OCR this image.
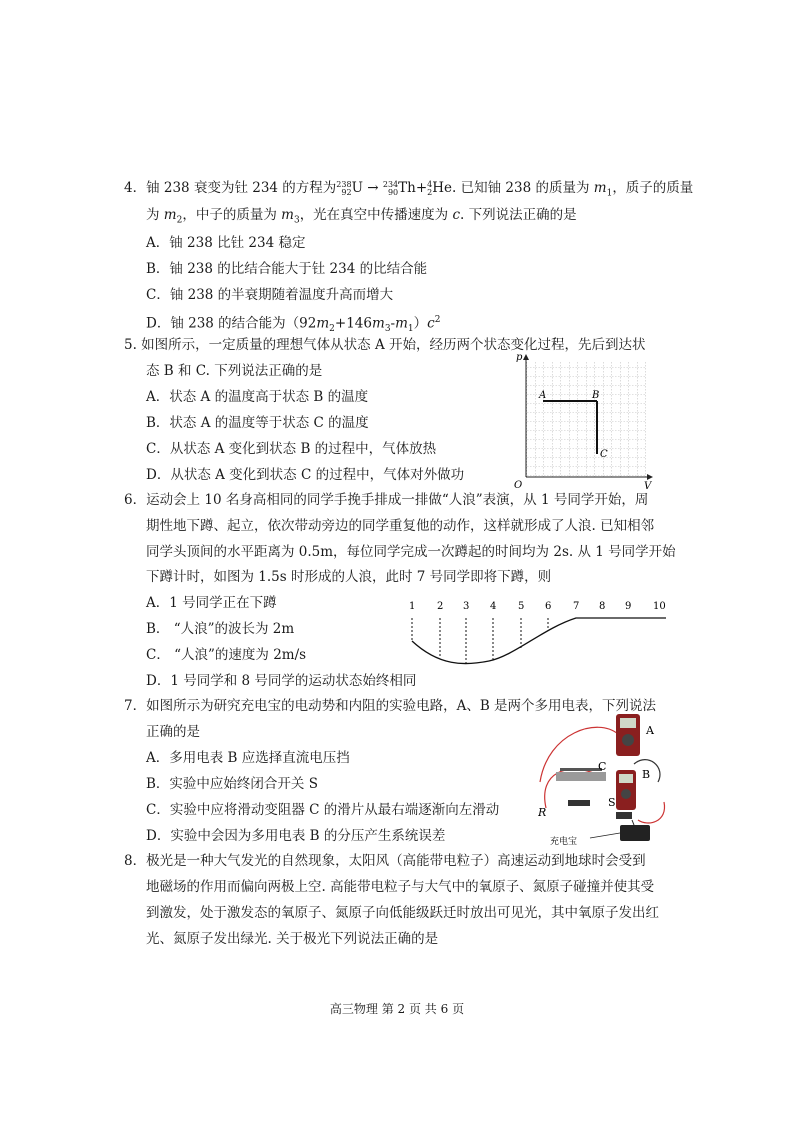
4．铀 238 衰变为钍 234 的方程为238
92U → 234
90Th+4
2He. 已知铀 238 的质量为 $m_1$，质子的质量
为 $m_2$，中子的质量为 $m_3$，光在真空中传播速度为 c. 下列说法正确的是
A．铀 238 比钍 234 稳定
B．铀 238 的比结合能大于钍 234 的比结合能
C．铀 238 的半衰期随着温度升高而增大
D．铀 238 的结合能为$(92m_2+146m_3-m_1)c^2$
5. 如图所示，一定质量的理想气体从状态 A 开始，经历两个状态变化过程，先后到达状
态 B 和 C. 下列说法正确的是
A．状态 A 的温度高于状态 B 的温度
B．状态 A 的温度等于状态 C 的温度
C．从状态 A 变化到状态 B 的过程中，气体放热
D．从状态 A 变化到状态 C 的过程中，气体对外做功
p
V
O
A	B
C
6．运动会上 10 名身高相同的同学手挽手排成一排做“人浪”表演，从 1 号同学开始，周
期性地下蹲、起立，依次带动旁边的同学重复他的动作，这样就形成了人浪. 已知相邻
同学头顶间的水平距离为 0.5m，每位同学完成一次蹲起的时间均为 2s. 从 1 号同学开始
下蹲计时，如图为 1.5s 时形成的人浪，此时 7 号同学即将下蹲，则
A．1 号同学正在下蹲
B． “人浪”的波长为 2m
C． “人浪”的速度为 2m/s
D．1 号同学和 8 号同学的运动状态始终相同
1 2 3 4 5 6 7 8 9 10
7．如图所示为研究充电宝的电动势和内阻的实验电路，A、B 是两个多用电表，下列说法
正确的是
A．多用电表 B 应选择直流电压挡
B．实验中应始终闭合开关 S
C．实验中应将滑动变阻器 C 的滑片从最右端逐渐向左滑动
D．实验中会因为多用电表 B 的分压产生系统误差
A
C
B
R
S
充电宝
8．极光是一种大气发光的自然现象，太阳风（高能带电粒子）高速运动到地球时会受到
地磁场的作用而偏向两极上空. 高能带电粒子与大气中的氧原子、氮原子碰撞并使其受
到激发，处于激发态的氧原子、氮原子向低能级跃迁时放出可见光，其中氧原子发出红
光、氮原子发出绿光. 关于极光下列说法正确的是
高三物理 第 2 页 共 6 页
